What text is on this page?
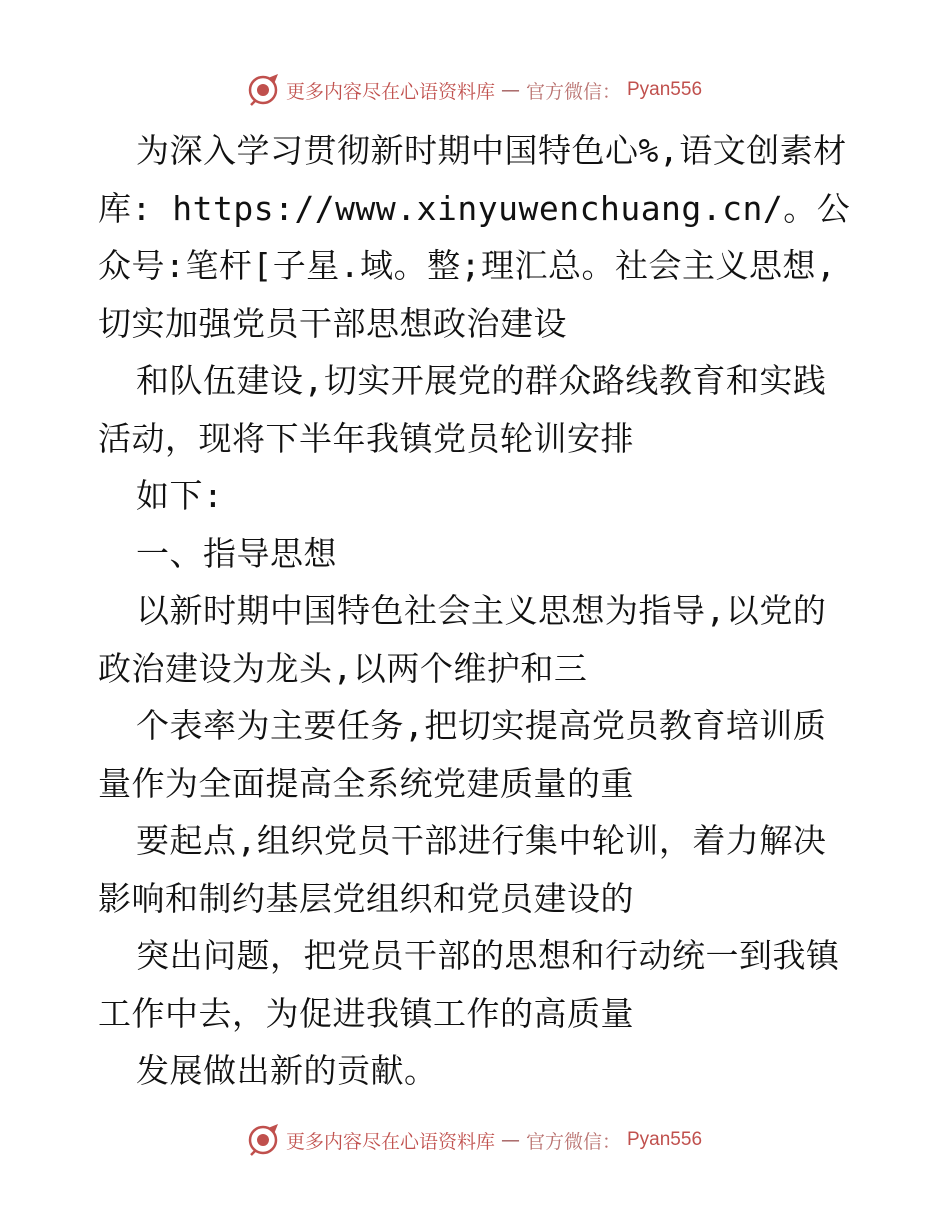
更多内容尽在心语资料库 — 官方微信： Pyan556

为深入学习贯彻新时期中国特色心%,语文创素材库: https://www.xinyuwenchuang.cn/。公众号:笔杆[子星.域。整;理汇总。社会主义思想,切实加强党员干部思想政治建设

和队伍建设,切实开展党的群众路线教育和实践活动，现将下半年我镇党员轮训安排

如下:

一、指导思想

以新时期中国特色社会主义思想为指导,以党的政治建设为龙头,以两个维护和三

个表率为主要任务,把切实提高党员教育培训质量作为全面提高全系统党建质量的重

要起点,组织党员干部进行集中轮训，着力解决影响和制约基层党组织和党员建设的

突出问题，把党员干部的思想和行动统一到我镇工作中去，为促进我镇工作的高质量

发展做出新的贡献。

更多内容尽在心语资料库 — 官方微信： Pyan556
